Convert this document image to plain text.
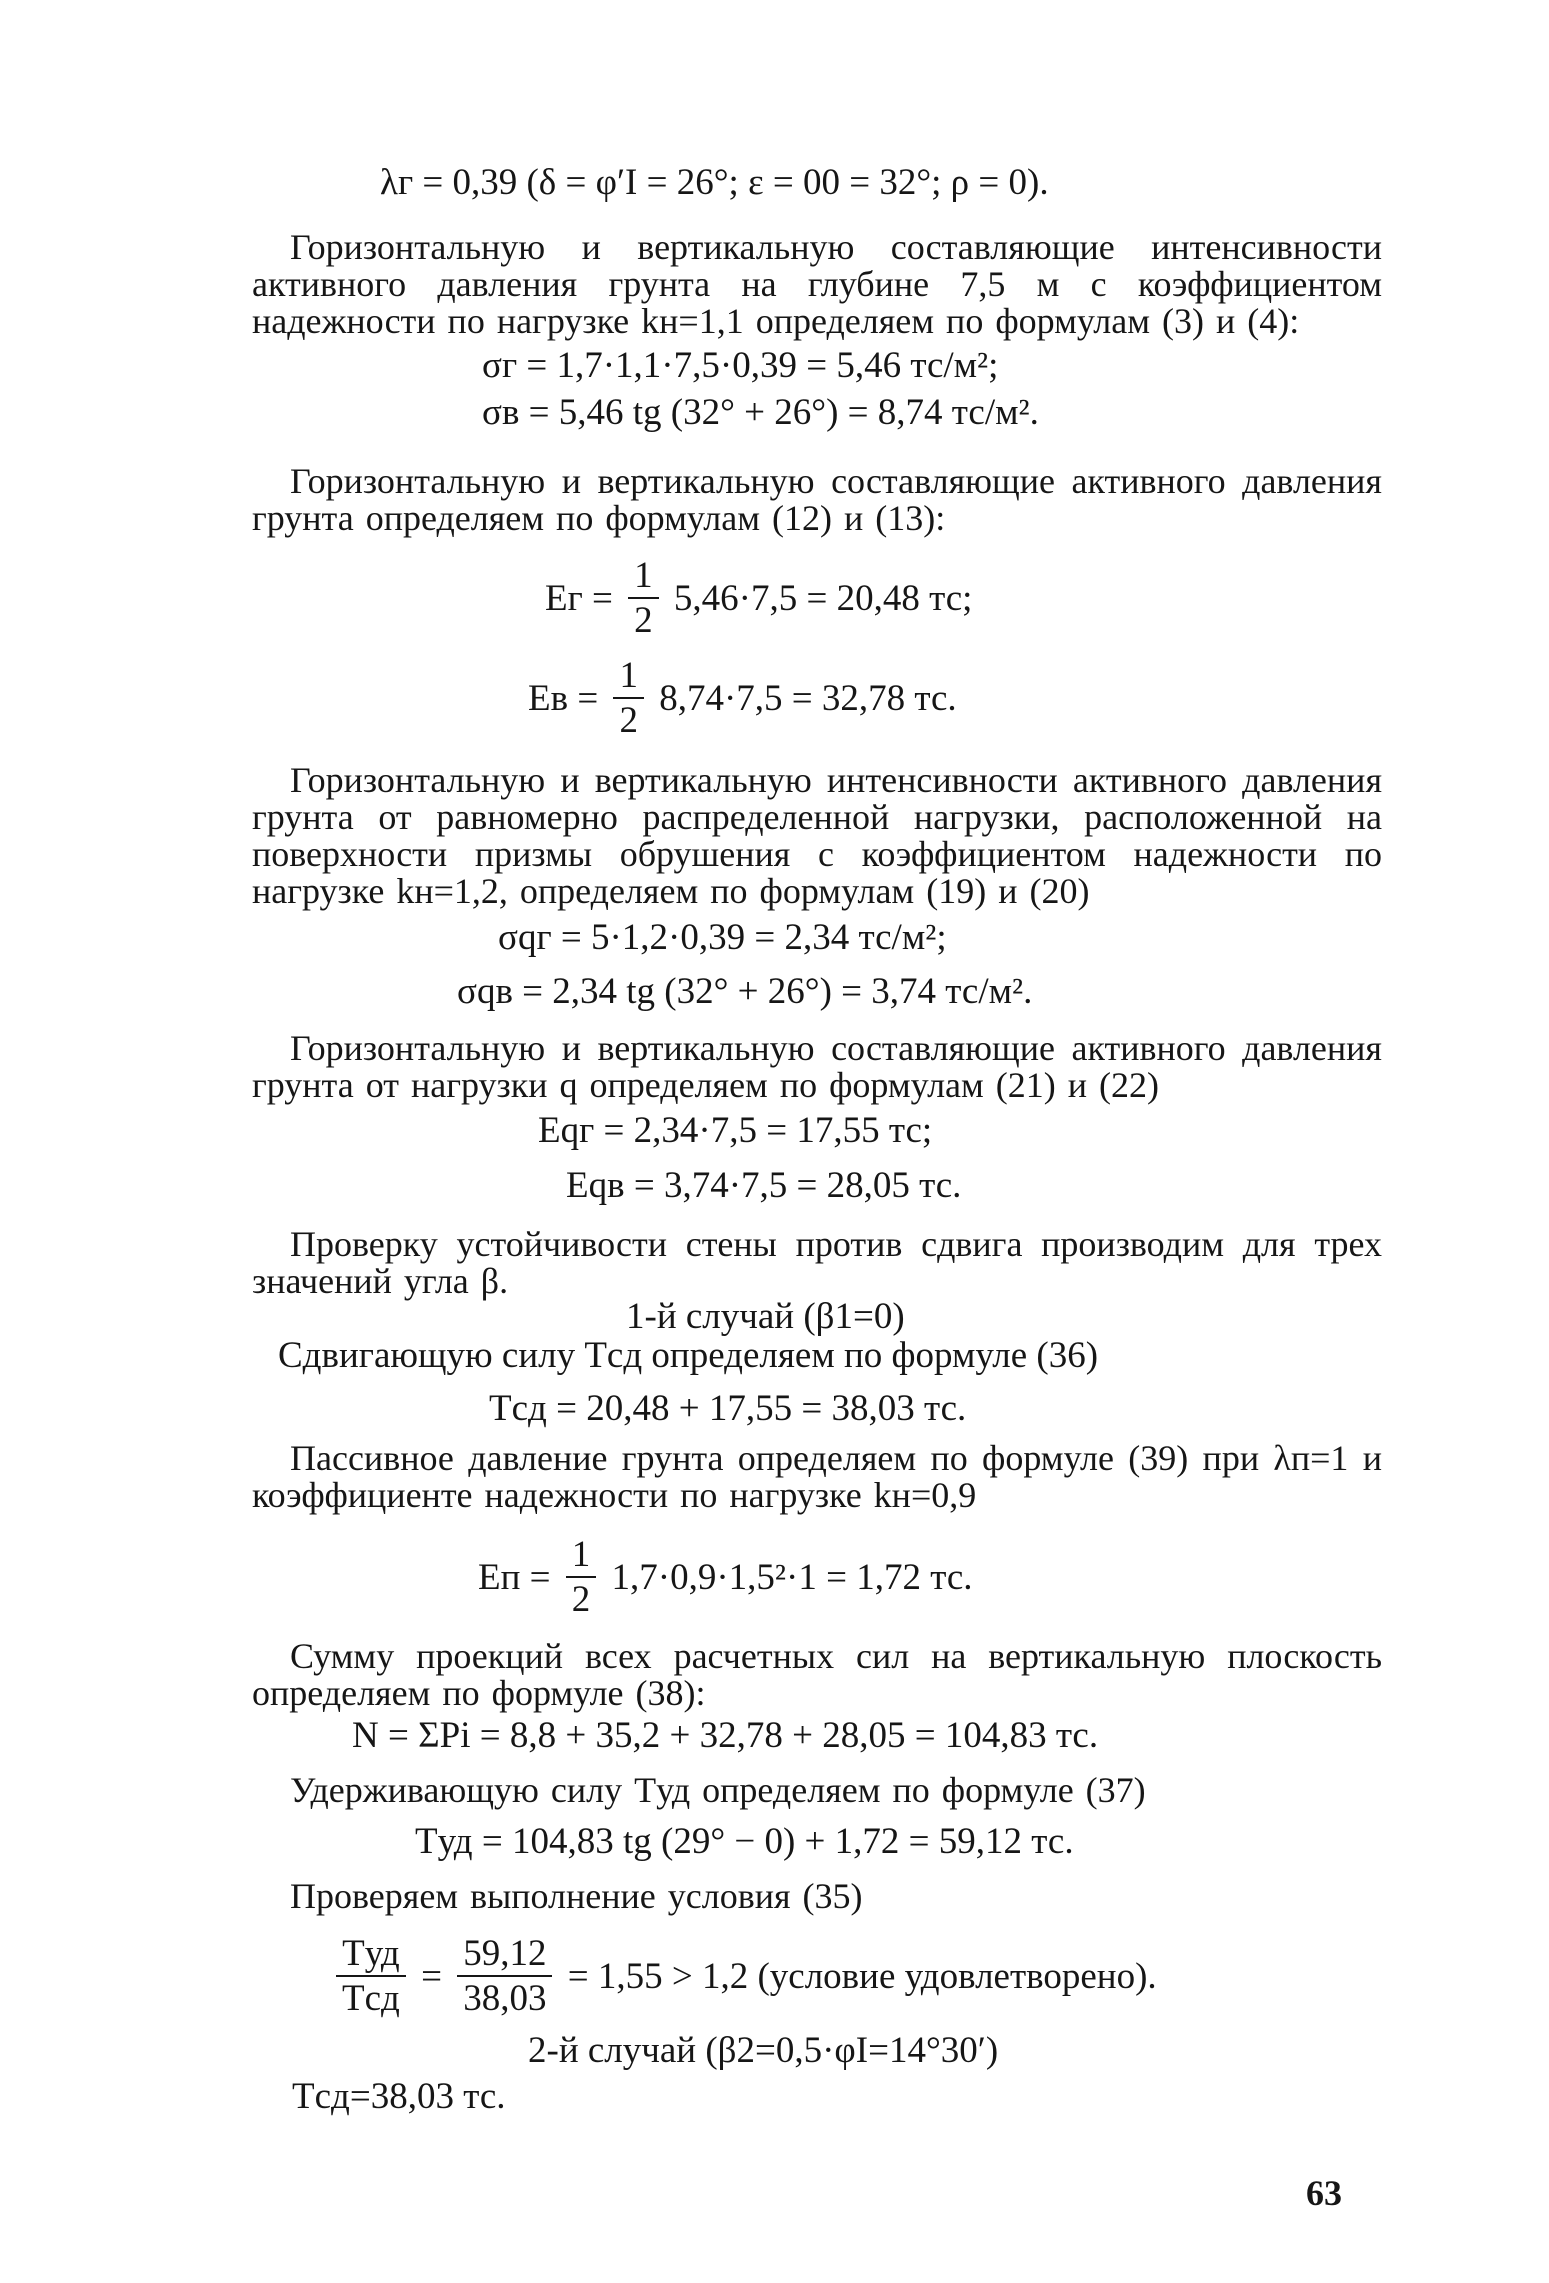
λг = 0,39 (δ = φ′I = 26°; ε = 00 = 32°; ρ = 0).
Горизонтальную и вертикальную составляющие интенсивности активного давления грунта на глубине 7,5 м с коэффициентом надежности по нагрузке kн=1,1 определяем по формулам (3) и (4):
σг = 1,7·1,1·7,5·0,39 = 5,46 тс/м²;
σв = 5,46 tg (32° + 26°) = 8,74 тс/м².
Горизонтальную и вертикальную составляющие активного давления грунта определяем по формулам (12) и (13):
Eг = $\frac{1}{2} 5,46\cdot 7,5 = 20,48$ тс;
Eв = $\frac{1}{2} 8,74\cdot 7,5 = 32,78$ тс.
Горизонтальную и вертикальную интенсивности активного давления грунта от равномерно распределенной нагрузки, расположенной на поверхности призмы обрушения с коэффициентом надежности по нагрузке kн=1,2, определяем по формулам (19) и (20)
σqг = 5·1,2·0,39 = 2,34 тс/м²;
σqв = 2,34 tg (32° + 26°) = 3,74 тс/м².
Горизонтальную и вертикальную составляющие активного давления грунта от нагрузки q определяем по формулам (21) и (22)
Eqг = 2,34·7,5 = 17,55 тс;
Eqв = 3,74·7,5 = 28,05 тс.
Проверку устойчивости стены против сдвига производим для трех значений угла β.
1-й случай (β1=0)
Сдвигающую силу Tсд определяем по формуле (36)
Tсд = 20,48 + 17,55 = 38,03 тс.
Пассивное давление грунта определяем по формуле (39) при λп=1 и коэффициенте надежности по нагрузке kн=0,9
Eп = $\frac{1}{2} 1,7\cdot 0,9\cdot 1,5^2\cdot 1 = 1,72$ тс.
Сумму проекций всех расчетных сил на вертикальную плоскость определяем по формуле (38):
N = ΣPi = 8,8 + 35,2 + 32,78 + 28,05 = 104,83 тс.
Удерживающую силу Tуд определяем по формуле (37)
Tуд = 104,83 tg (29° − 0) + 1,72 = 59,12 тс.
Проверяем выполнение условия (35)
$\frac{\text{Tуд}}{\text{Tсд}} = \frac{59,12}{38,03} = 1,55 > 1,2$ (условие удовлетворено).
2-й случай (β2=0,5·φI=14°30′)
Tсд=38,03 тс.
63
